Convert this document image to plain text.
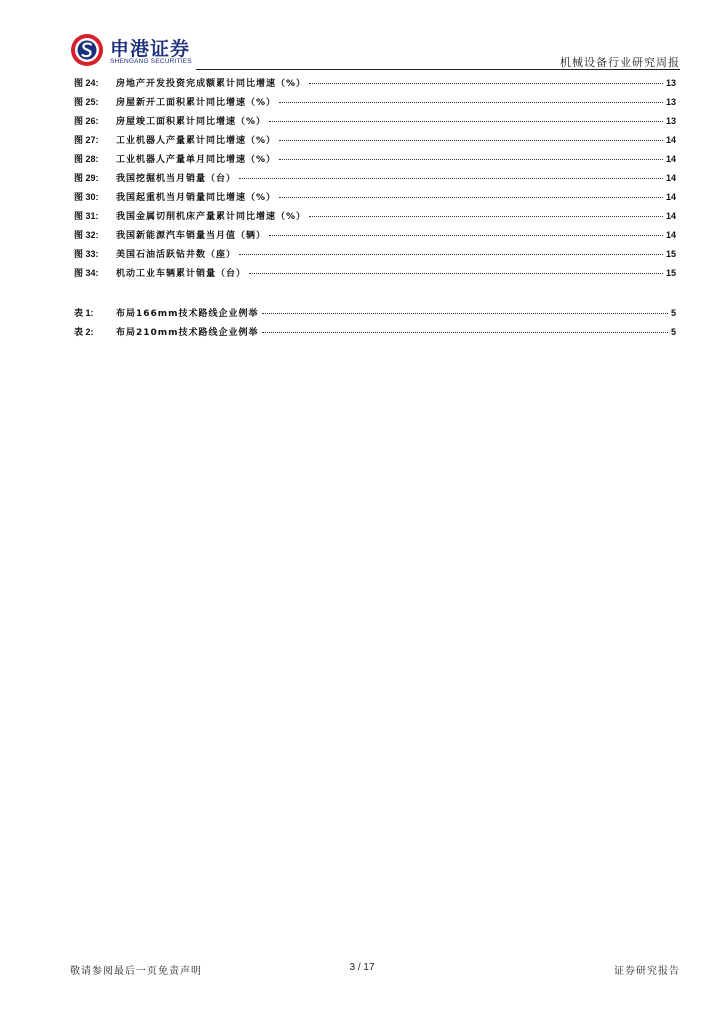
申港证券
SHENGANG SECURITIES	机械设备行业研究周报
图 24:	房地产开发投资完成额累计同比增速（%）	13
图 25:	房屋新开工面积累计同比增速（%）	13
图 26:	房屋竣工面积累计同比增速（%）	13
图 27:	工业机器人产量累计同比增速（%）	14
图 28:	工业机器人产量单月同比增速（%）	14
图 29:	我国挖掘机当月销量（台）	14
图 30:	我国起重机当月销量同比增速（%）	14
图 31:	我国金属切削机床产量累计同比增速（%）	14
图 32:	我国新能源汽车销量当月值（辆）	14
图 33:	美国石油活跃钻井数（座）	15
图 34:	机动工业车辆累计销量（台）	15
表 1:	布局166mm技术路线企业例举	5
表 2:	布局210mm技术路线企业例举	5
敬请参阅最后一页免责声明	3 / 17	证券研究报告
